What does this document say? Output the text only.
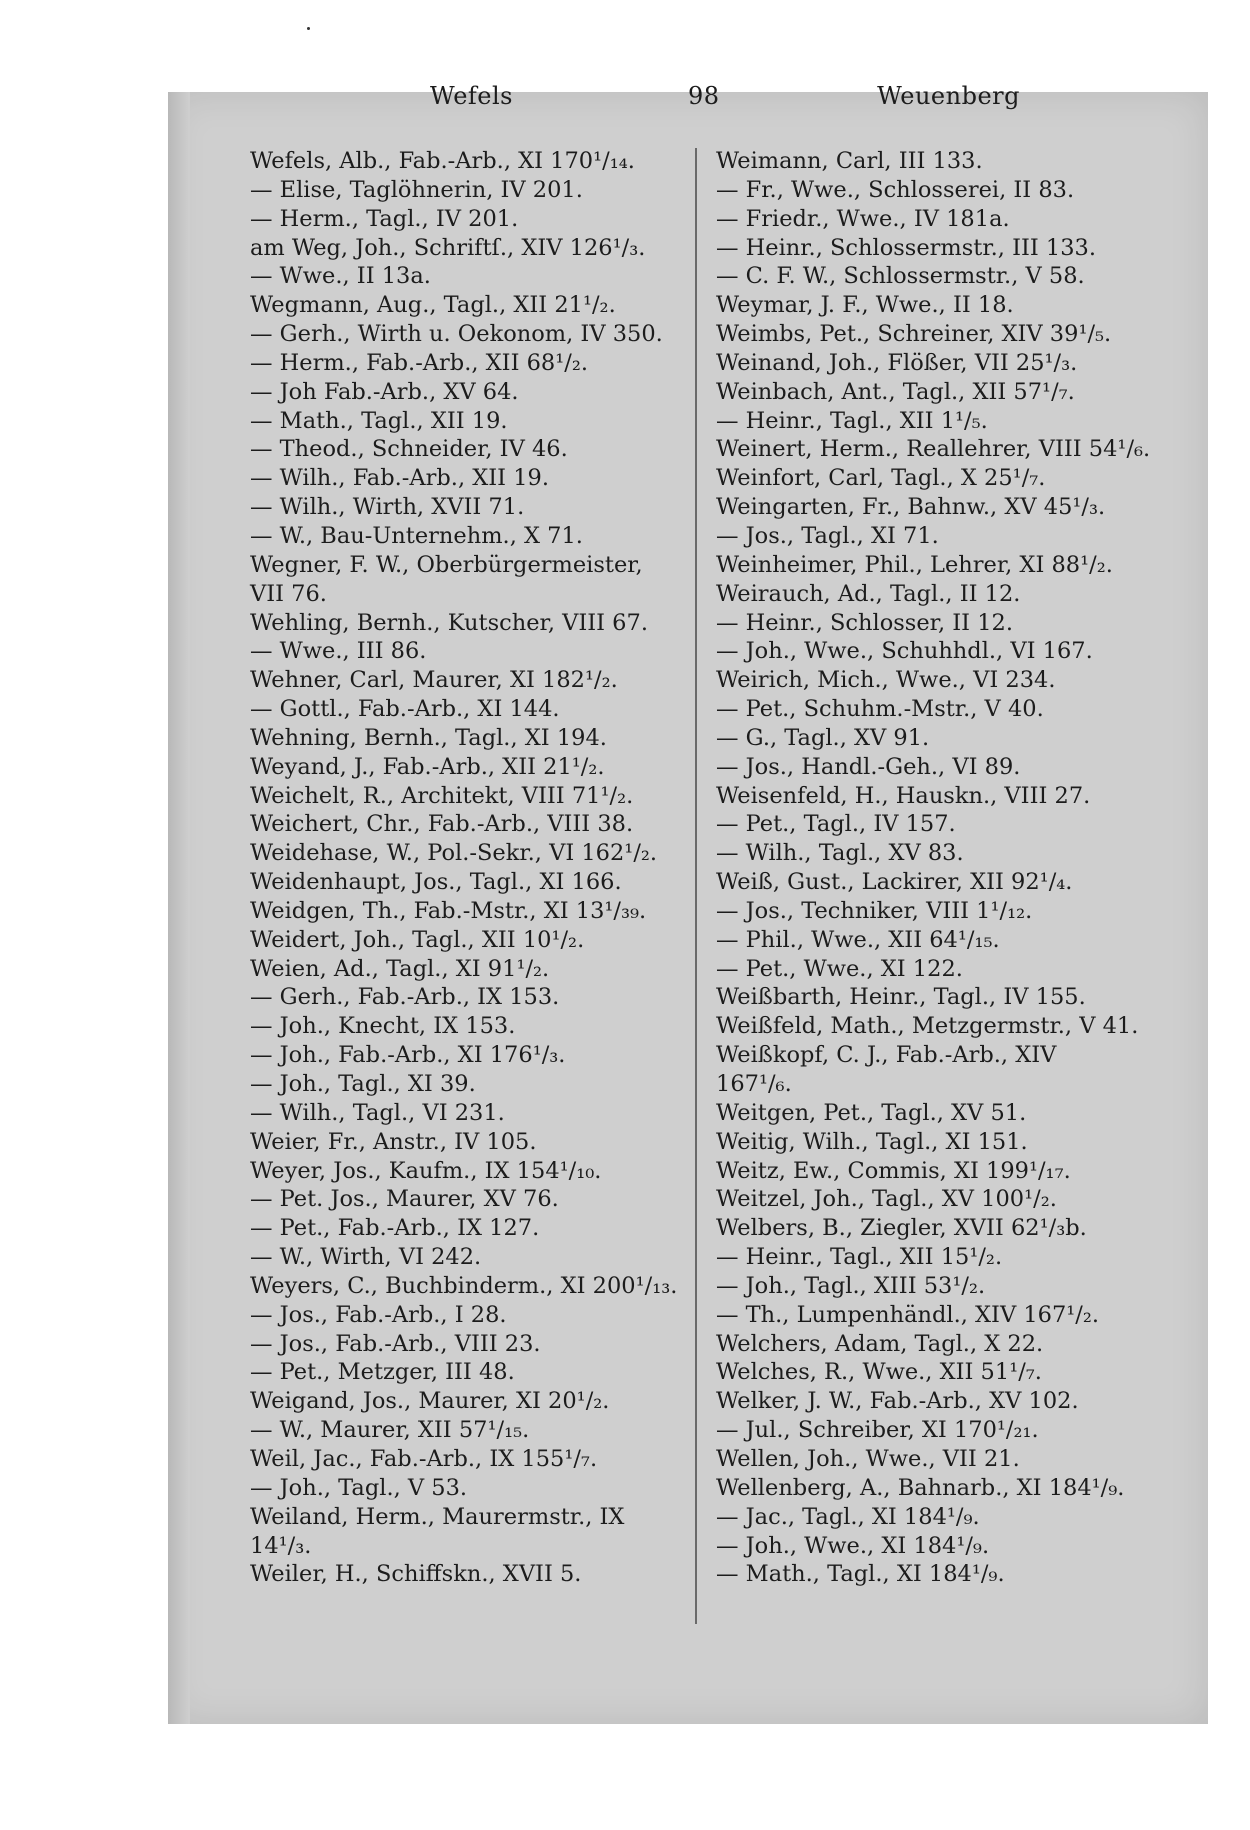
Wefels	98	Weuenberg
Wefels, Alb., Fab.-Arb., XI 170¹/₁₄.
— Elise, Taglöhnerin, IV 201.
— Herm., Tagl., IV 201.
am Weg, Joh., Schriftſ., XIV 126¹/₃.
— Wwe., II 13a.
Wegmann, Aug., Tagl., XII 21¹/₂.
— Gerh., Wirth u. Oekonom, IV 350.
— Herm., Fab.-Arb., XII 68¹/₂.
— Joh Fab.-Arb., XV 64.
— Math., Tagl., XII 19.
— Theod., Schneider, IV 46.
— Wilh., Fab.-Arb., XII 19.
— Wilh., Wirth, XVII 71.
— W., Bau-Unternehm., X 71.
Wegner, F. W., Oberbürgermeister,
VII 76.
Wehling, Bernh., Kutscher, VIII 67.
— Wwe., III 86.
Wehner, Carl, Maurer, XI 182¹/₂.
— Gottl., Fab.-Arb., XI 144.
Wehning, Bernh., Tagl., XI 194.
Weyand, J., Fab.-Arb., XII 21¹/₂.
Weichelt, R., Architekt, VIII 71¹/₂.
Weichert, Chr., Fab.-Arb., VIII 38.
Weidehase, W., Pol.-Sekr., VI 162¹/₂.
Weidenhaupt, Jos., Tagl., XI 166.
Weidgen, Th., Fab.-Mstr., XI 13¹/₃₉.
Weidert, Joh., Tagl., XII 10¹/₂.
Weien, Ad., Tagl., XI 91¹/₂.
— Gerh., Fab.-Arb., IX 153.
— Joh., Knecht, IX 153.
— Joh., Fab.-Arb., XI 176¹/₃.
— Joh., Tagl., XI 39.
— Wilh., Tagl., VI 231.
Weier, Fr., Anstr., IV 105.
Weyer, Jos., Kaufm., IX 154¹/₁₀.
— Pet. Jos., Maurer, XV 76.
— Pet., Fab.-Arb., IX 127.
— W., Wirth, VI 242.
Weyers, C., Buchbinderm., XI 200¹/₁₃.
— Jos., Fab.-Arb., I 28.
— Jos., Fab.-Arb., VIII 23.
— Pet., Metzger, III 48.
Weigand, Jos., Maurer, XI 20¹/₂.
— W., Maurer, XII 57¹/₁₅.
Weil, Jac., Fab.-Arb., IX 155¹/₇.
— Joh., Tagl., V 53.
Weiland, Herm., Maurermstr., IX
14¹/₃.
Weiler, H., Schiffskn., XVII 5.
Weimann, Carl, III 133.
— Fr., Wwe., Schlosserei, II 83.
— Friedr., Wwe., IV 181a.
— Heinr., Schlossermstr., III 133.
— C. F. W., Schlossermstr., V 58.
Weymar, J. F., Wwe., II 18.
Weimbs, Pet., Schreiner, XIV 39¹/₅.
Weinand, Joh., Flößer, VII 25¹/₃.
Weinbach, Ant., Tagl., XII 57¹/₇.
— Heinr., Tagl., XII 1¹/₅.
Weinert, Herm., Reallehrer, VIII 54¹/₆.
Weinfort, Carl, Tagl., X 25¹/₇.
Weingarten, Fr., Bahnw., XV 45¹/₃.
— Jos., Tagl., XI 71.
Weinheimer, Phil., Lehrer, XI 88¹/₂.
Weirauch, Ad., Tagl., II 12.
— Heinr., Schlosser, II 12.
— Joh., Wwe., Schuhhdl., VI 167.
Weirich, Mich., Wwe., VI 234.
— Pet., Schuhm.-Mstr., V 40.
— G., Tagl., XV 91.
— Jos., Handl.-Geh., VI 89.
Weisenfeld, H., Hauskn., VIII 27.
— Pet., Tagl., IV 157.
— Wilh., Tagl., XV 83.
Weiß, Gust., Lackirer, XII 92¹/₄.
— Jos., Techniker, VIII 1¹/₁₂.
— Phil., Wwe., XII 64¹/₁₅.
— Pet., Wwe., XI 122.
Weißbarth, Heinr., Tagl., IV 155.
Weißfeld, Math., Metzgermstr., V 41.
Weißkopf, C. J., Fab.-Arb., XIV
167¹/₆.
Weitgen, Pet., Tagl., XV 51.
Weitig, Wilh., Tagl., XI 151.
Weitz, Ew., Commis, XI 199¹/₁₇.
Weitzel, Joh., Tagl., XV 100¹/₂.
Welbers, B., Ziegler, XVII 62¹/₃b.
— Heinr., Tagl., XII 15¹/₂.
— Joh., Tagl., XIII 53¹/₂.
— Th., Lumpenhändl., XIV 167¹/₂.
Welchers, Adam, Tagl., X 22.
Welches, R., Wwe., XII 51¹/₇.
Welker, J. W., Fab.-Arb., XV 102.
— Jul., Schreiber, XI 170¹/₂₁.
Wellen, Joh., Wwe., VII 21.
Wellenberg, A., Bahnarb., XI 184¹/₉.
— Jac., Tagl., XI 184¹/₉.
— Joh., Wwe., XI 184¹/₉.
— Math., Tagl., XI 184¹/₉.
